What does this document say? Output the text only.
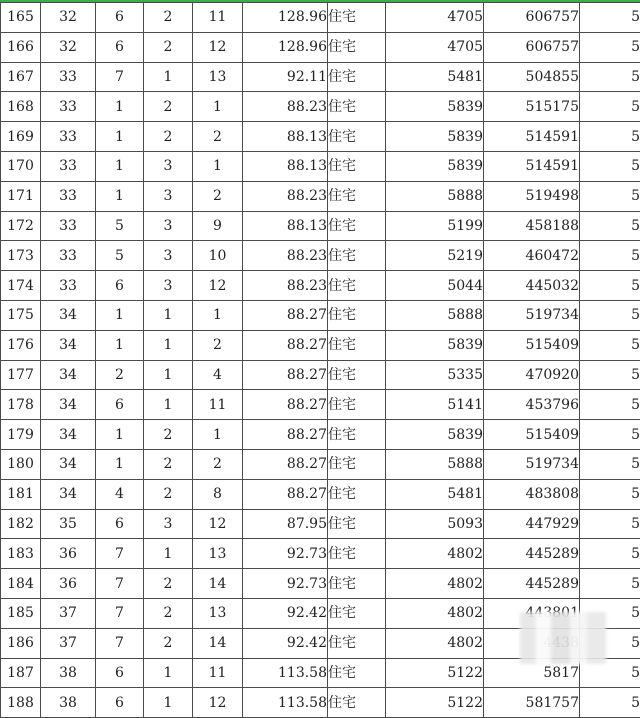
165	32	6	2	11	128.96	住宅	4705	606757	5
166	32	6	2	12	128.96	住宅	4705	606757	5
167	33	7	1	13	92.11	住宅	5481	504855	5
168	33	1	2	1	88.23	住宅	5839	515175	5
169	33	1	2	2	88.13	住宅	5839	514591	5
170	33	1	3	1	88.13	住宅	5839	514591	5
171	33	1	3	2	88.23	住宅	5888	519498	5
172	33	5	3	9	88.13	住宅	5199	458188	5
173	33	5	3	10	88.23	住宅	5219	460472	5
174	33	6	3	12	88.23	住宅	5044	445032	5
175	34	1	1	1	88.27	住宅	5888	519734	5
176	34	1	1	2	88.27	住宅	5839	515409	5
177	34	2	1	4	88.27	住宅	5335	470920	5
178	34	6	1	11	88.27	住宅	5141	453796	5
179	34	1	2	1	88.27	住宅	5839	515409	5
180	34	1	2	2	88.27	住宅	5888	519734	5
181	34	4	2	8	88.27	住宅	5481	483808	5
182	35	6	3	12	87.95	住宅	5093	447929	5
183	36	7	1	13	92.73	住宅	4802	445289	5
184	36	7	2	14	92.73	住宅	4802	445289	5
185	37	7	2	13	92.42	住宅	4802		5
186	37	7	2	14	92.42	住宅	4802		5
187	38	6	1	11	113.58	住宅	5122	5817	5
188	38	6	1	12	113.58	住宅	5122	581757	5
